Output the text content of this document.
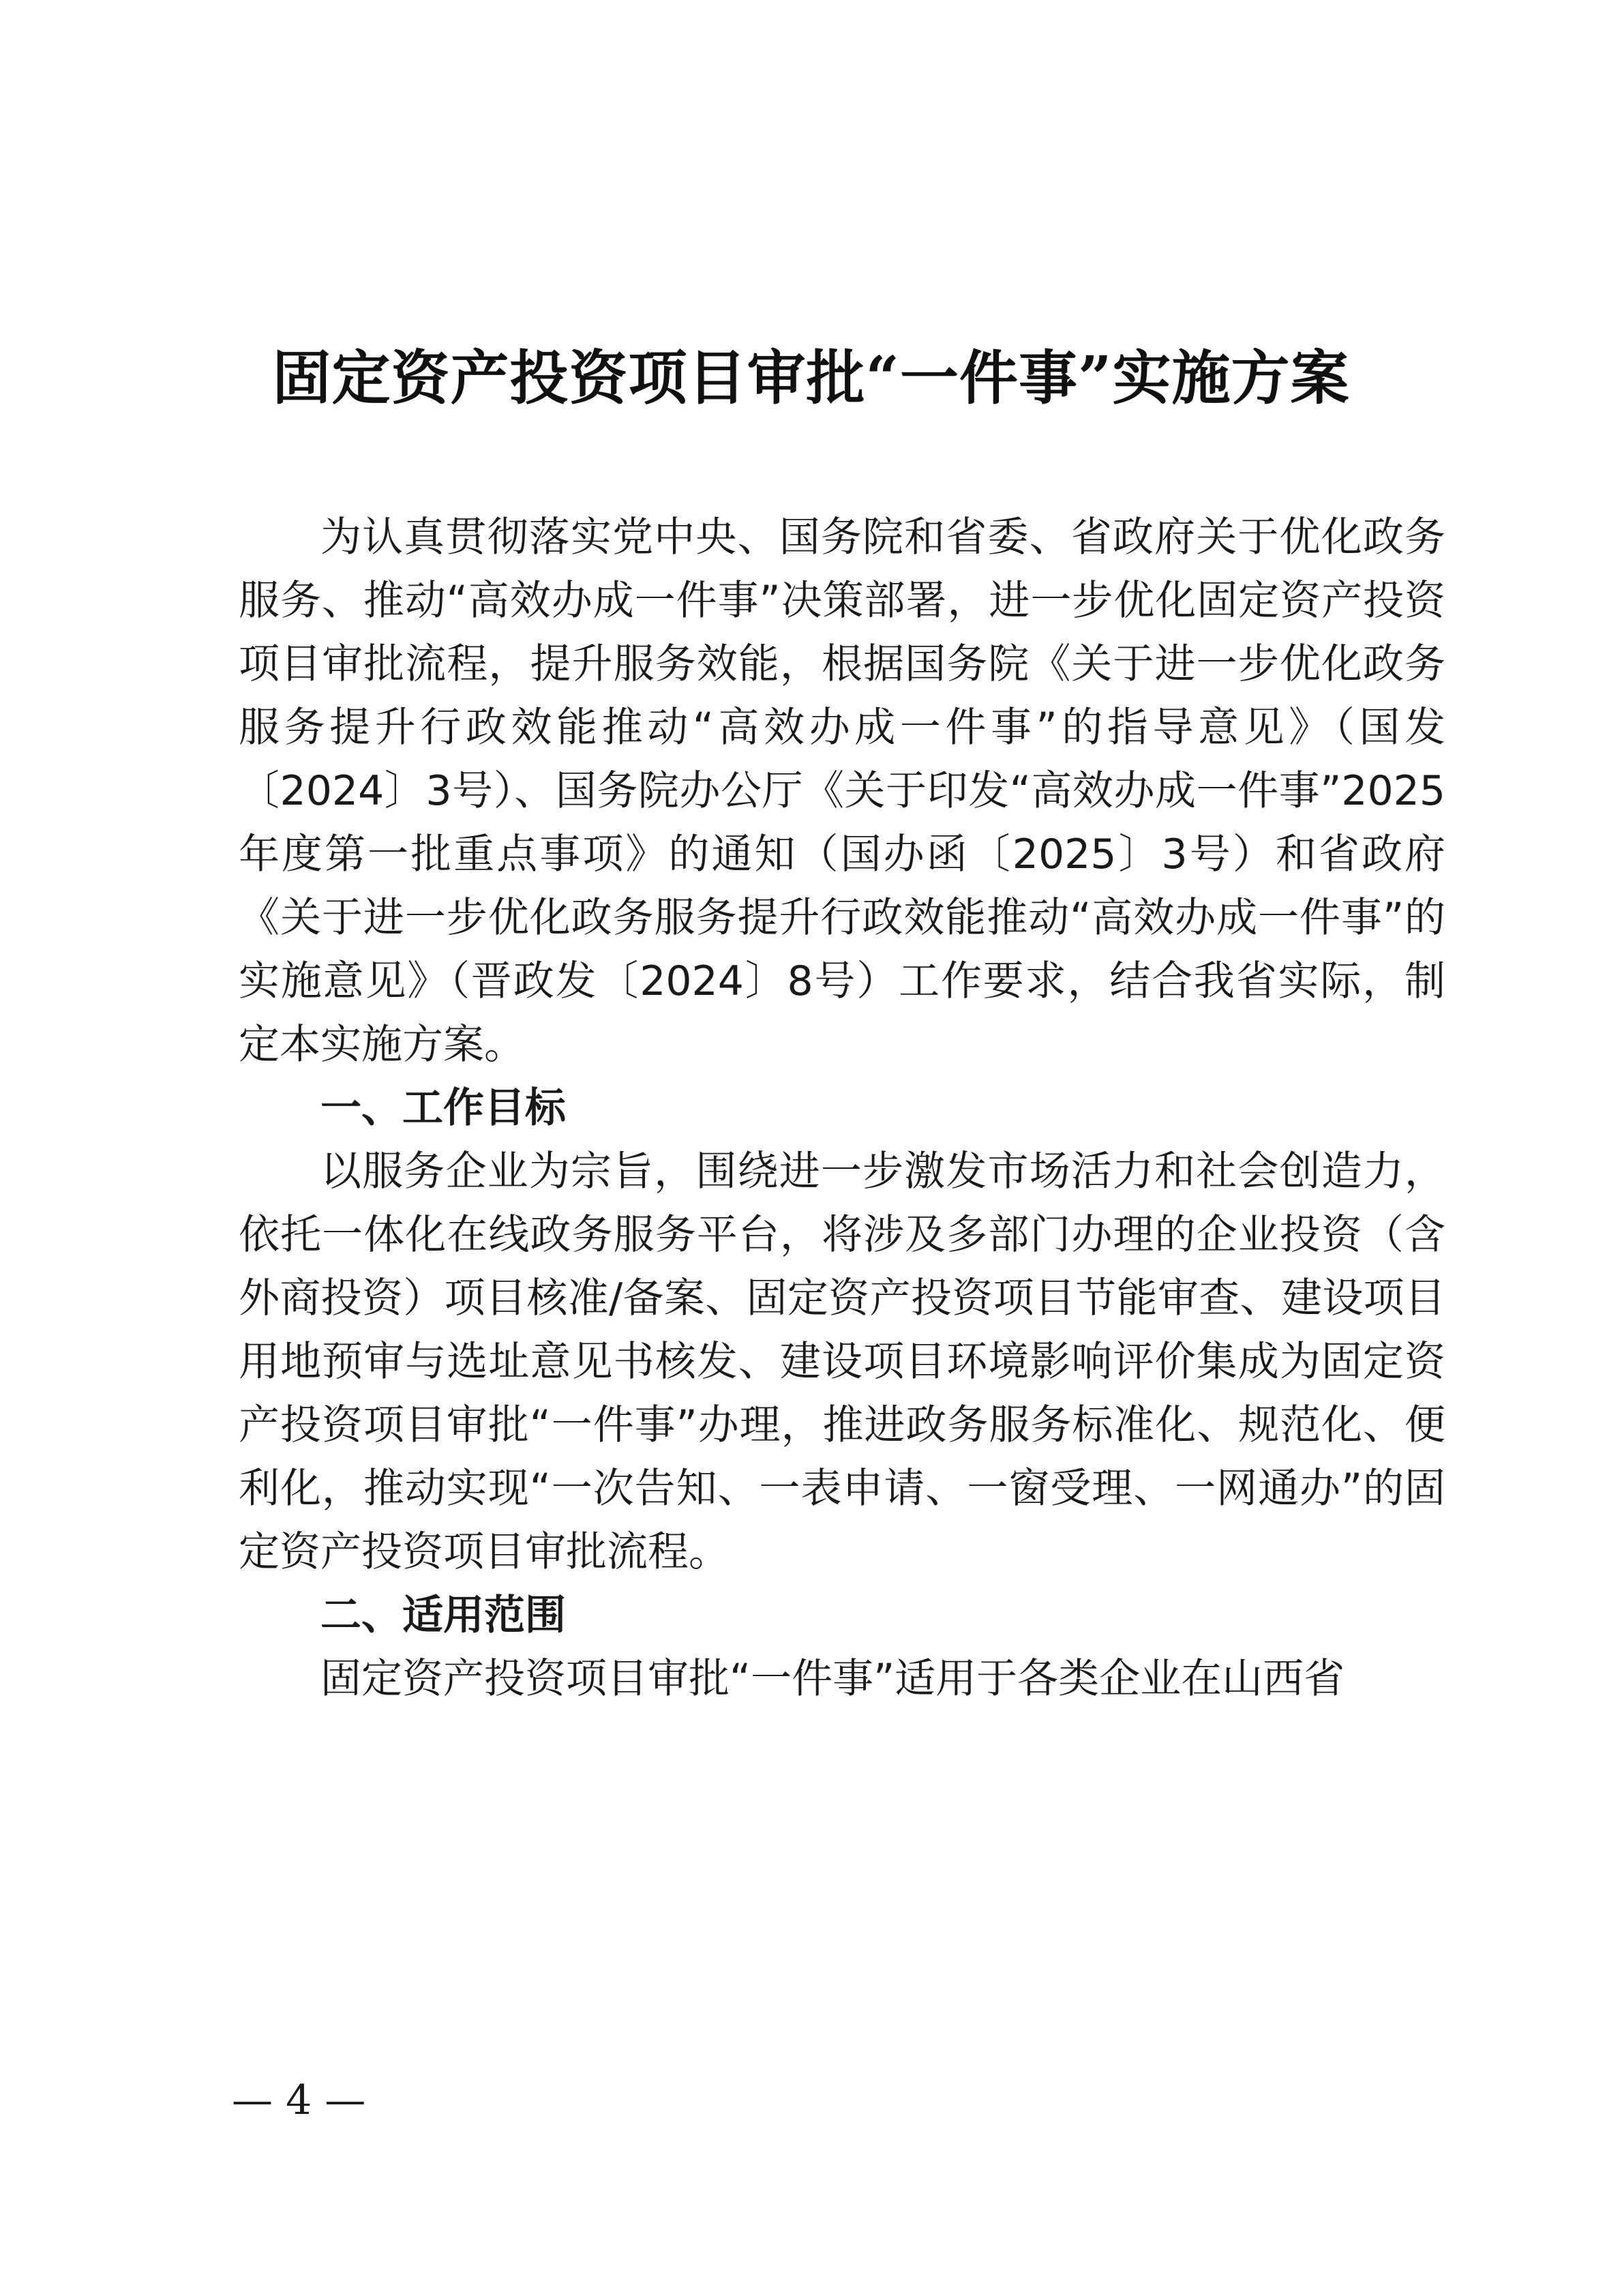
固定资产投资项目审批“一件事”实施方案

为认真贯彻落实党中央、国务院和省委、省政府关于优化政务服务、推动“高效办成一件事”决策部署，进一步优化固定资产投资项目审批流程，提升服务效能，根据国务院《关于进一步优化政务服务提升行政效能推动“高效办成一件事”的指导意见》（国发〔2024〕3号）、国务院办公厅《关于印发“高效办成一件事”2025年度第一批重点事项》的通知（国办函〔2025〕3号）和省政府《关于进一步优化政务服务提升行政效能推动“高效办成一件事”的实施意见》（晋政发〔2024〕8号）工作要求，结合我省实际，制定本实施方案。

一、工作目标

以服务企业为宗旨，围绕进一步激发市场活力和社会创造力，依托一体化在线政务服务平台，将涉及多部门办理的企业投资（含外商投资）项目核准/备案、固定资产投资项目节能审查、建设项目用地预审与选址意见书核发、建设项目环境影响评价集成为固定资产投资项目审批“一件事”办理，推进政务服务标准化、规范化、便利化，推动实现“一次告知、一表申请、一窗受理、一网通办”的固定资产投资项目审批流程。

二、适用范围

固定资产投资项目审批“一件事”适用于各类企业在山西省

— 4 —
